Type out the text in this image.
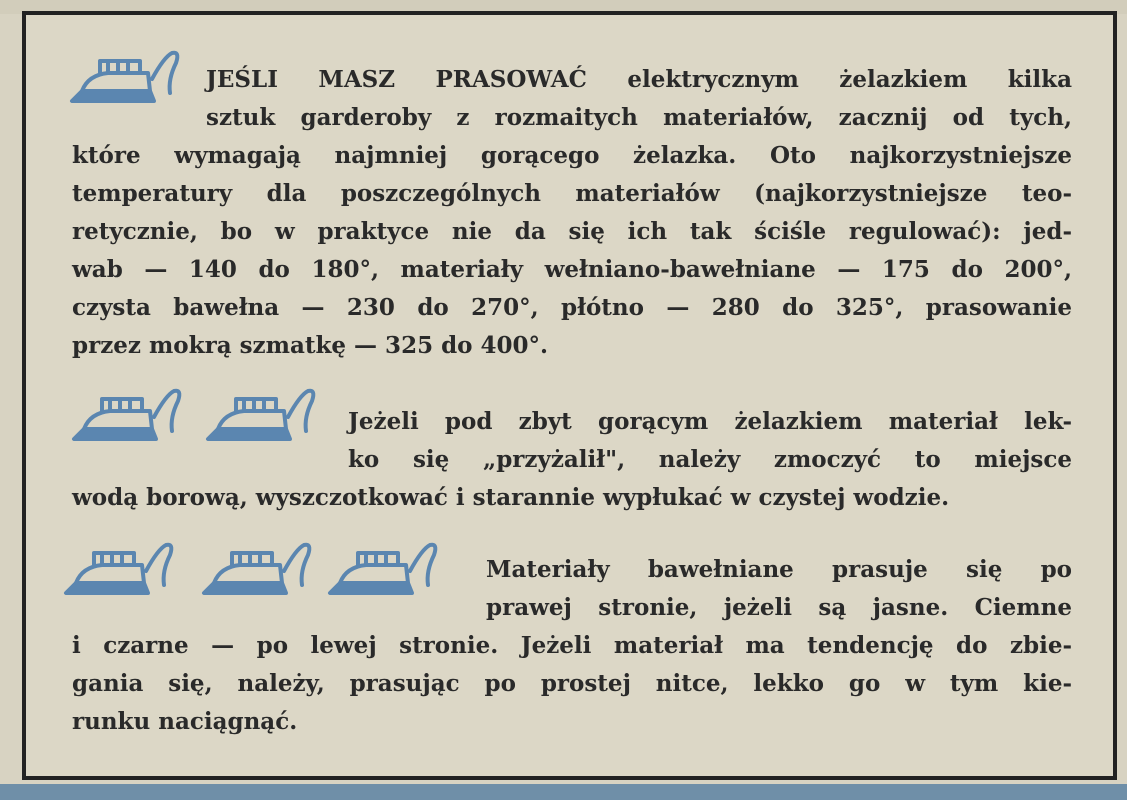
JEŚLI MASZ PRASOWAĆ elektrycznym żelazkiem kilka
sztuk garderoby z rozmaitych materiałów, zacznij od tych,
które wymagają najmniej gorącego żelazka. Oto najkorzystniejsze
temperatury dla poszczególnych materiałów (najkorzystniejsze teo-
retycznie, bo w praktyce nie da się ich tak ściśle regulować): jed-
wab — 140 do 180°, materiały wełniano-bawełniane — 175 do 200°,
czysta bawełna — 230 do 270°, płótno — 280 do 325°, prasowanie
przez mokrą szmatkę — 325 do 400°.
Jeżeli pod zbyt gorącym żelazkiem materiał lek-
ko się „przyżalił", należy zmoczyć to miejsce
wodą borową, wyszczotkować i starannie wypłukać w czystej wodzie.
Materiały bawełniane prasuje się po
prawej stronie, jeżeli są jasne. Ciemne
i czarne — po lewej stronie. Jeżeli materiał ma tendencję do zbie-
gania się, należy, prasując po prostej nitce, lekko go w tym kie-
runku naciągnąć.
